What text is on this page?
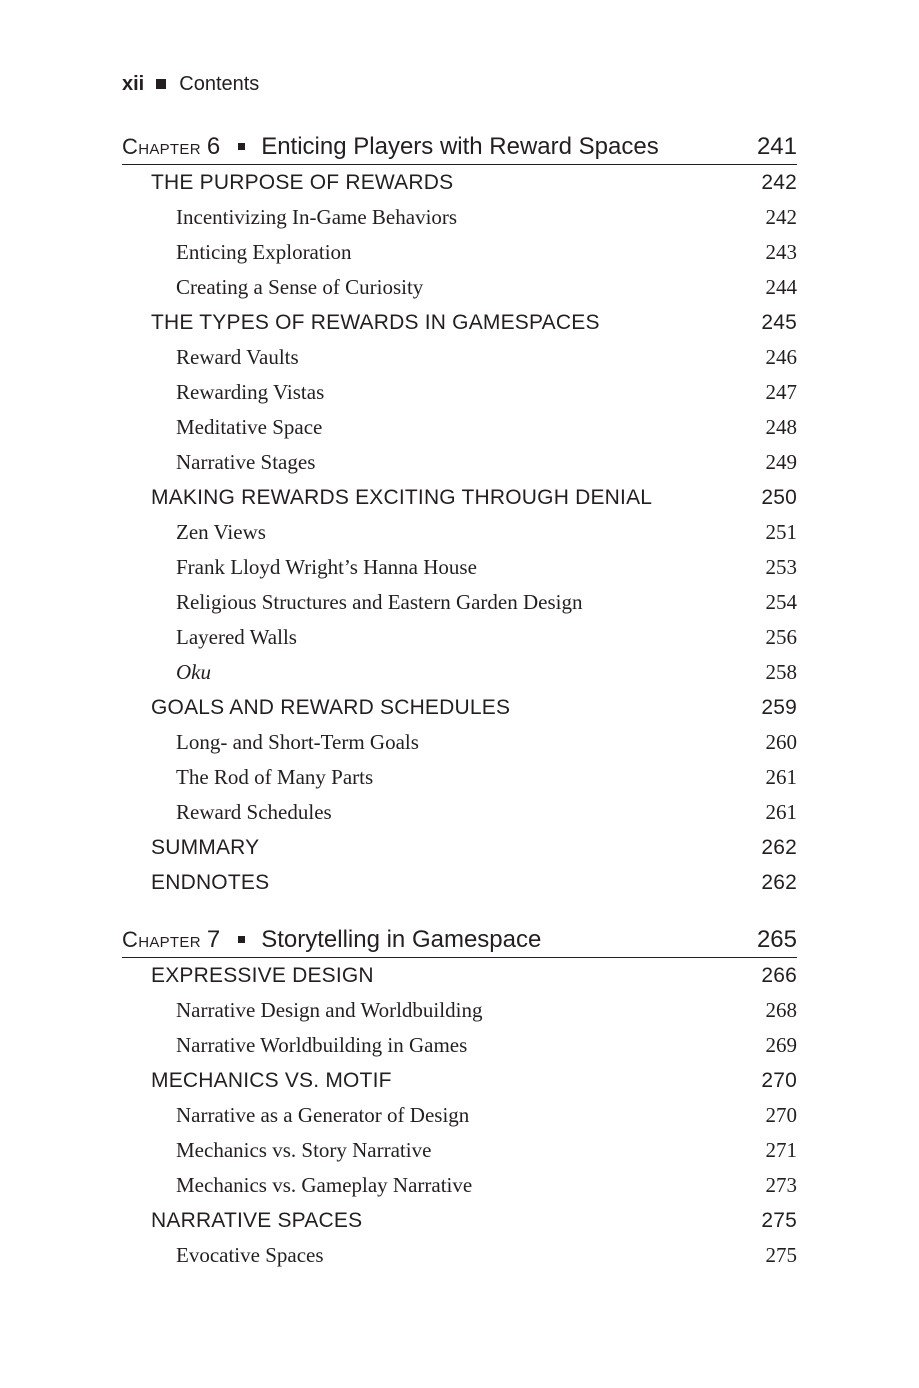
xii Contents
Chapter 6 Enticing Players with Reward Spaces	241
THE PURPOSE OF REWARDS	242
Incentivizing In-Game Behaviors	242
Enticing Exploration	243
Creating a Sense of Curiosity	244
THE TYPES OF REWARDS IN GAMESPACES	245
Reward Vaults	246
Rewarding Vistas	247
Meditative Space	248
Narrative Stages	249
MAKING REWARDS EXCITING THROUGH DENIAL	250
Zen Views	251
Frank Lloyd Wright’s Hanna House	253
Religious Structures and Eastern Garden Design	254
Layered Walls	256
Oku	258
GOALS AND REWARD SCHEDULES	259
Long- and Short-Term Goals	260
The Rod of Many Parts	261
Reward Schedules	261
SUMMARY	262
ENDNOTES	262
Chapter 7 Storytelling in Gamespace	265
EXPRESSIVE DESIGN	266
Narrative Design and Worldbuilding	268
Narrative Worldbuilding in Games	269
MECHANICS VS. MOTIF	270
Narrative as a Generator of Design	270
Mechanics vs. Story Narrative	271
Mechanics vs. Gameplay Narrative	273
NARRATIVE SPACES	275
Evocative Spaces	275
